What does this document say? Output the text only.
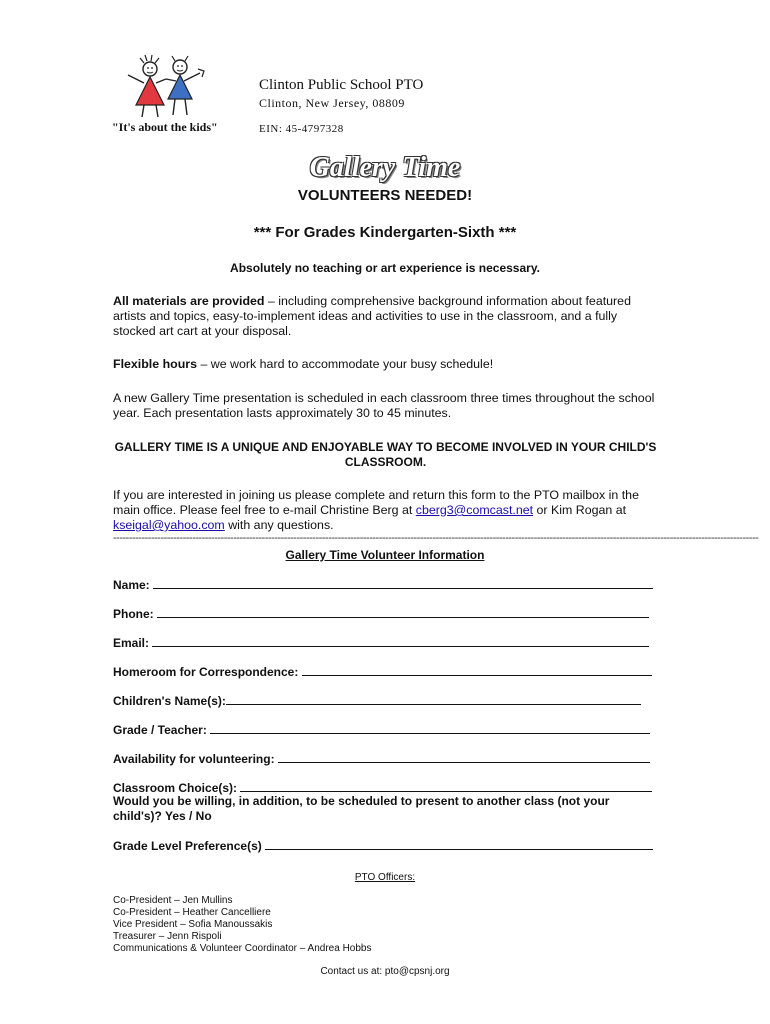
Clinton Public School PTO
Clinton, New Jersey, 08809
"It's about the kids"	EIN: 45-4797328
Gallery Time
VOLUNTEERS NEEDED!
*** For Grades Kindergarten-Sixth ***
Absolutely no teaching or art experience is necessary.
All materials are provided – including comprehensive background information about featured artists and topics, easy-to-implement ideas and activities to use in the classroom, and a fully stocked art cart at your disposal.
Flexible hours – we work hard to accommodate your busy schedule!
A new Gallery Time presentation is scheduled in each classroom three times throughout the school year. Each presentation lasts approximately 30 to 45 minutes.
GALLERY TIME IS A UNIQUE AND ENJOYABLE WAY TO BECOME INVOLVED IN YOUR CHILD'S CLASSROOM.
If you are interested in joining us please complete and return this form to the PTO mailbox in the main office. Please feel free to e-mail Christine Berg at cberg3@comcast.net or Kim Rogan at kseigal@yahoo.com with any questions.
------------------------------------------------------------------------------------------------------------------------------------------------------------------------------------------------------------
Gallery Time Volunteer Information
Name:
Phone:
Email:
Homeroom for Correspondence:
Children's Name(s):
Grade / Teacher:
Availability for volunteering:
Classroom Choice(s):
Would you be willing, in addition, to be scheduled to present to another class (not your child's)? Yes / No
Grade Level Preference(s)
PTO Officers:
Co-President – Jen Mullins
Co-President – Heather Cancelliere
Vice President – Sofia Manoussakis
Treasurer – Jenn Rispoli
Communications & Volunteer Coordinator – Andrea Hobbs
Contact us at: pto@cpsnj.org
